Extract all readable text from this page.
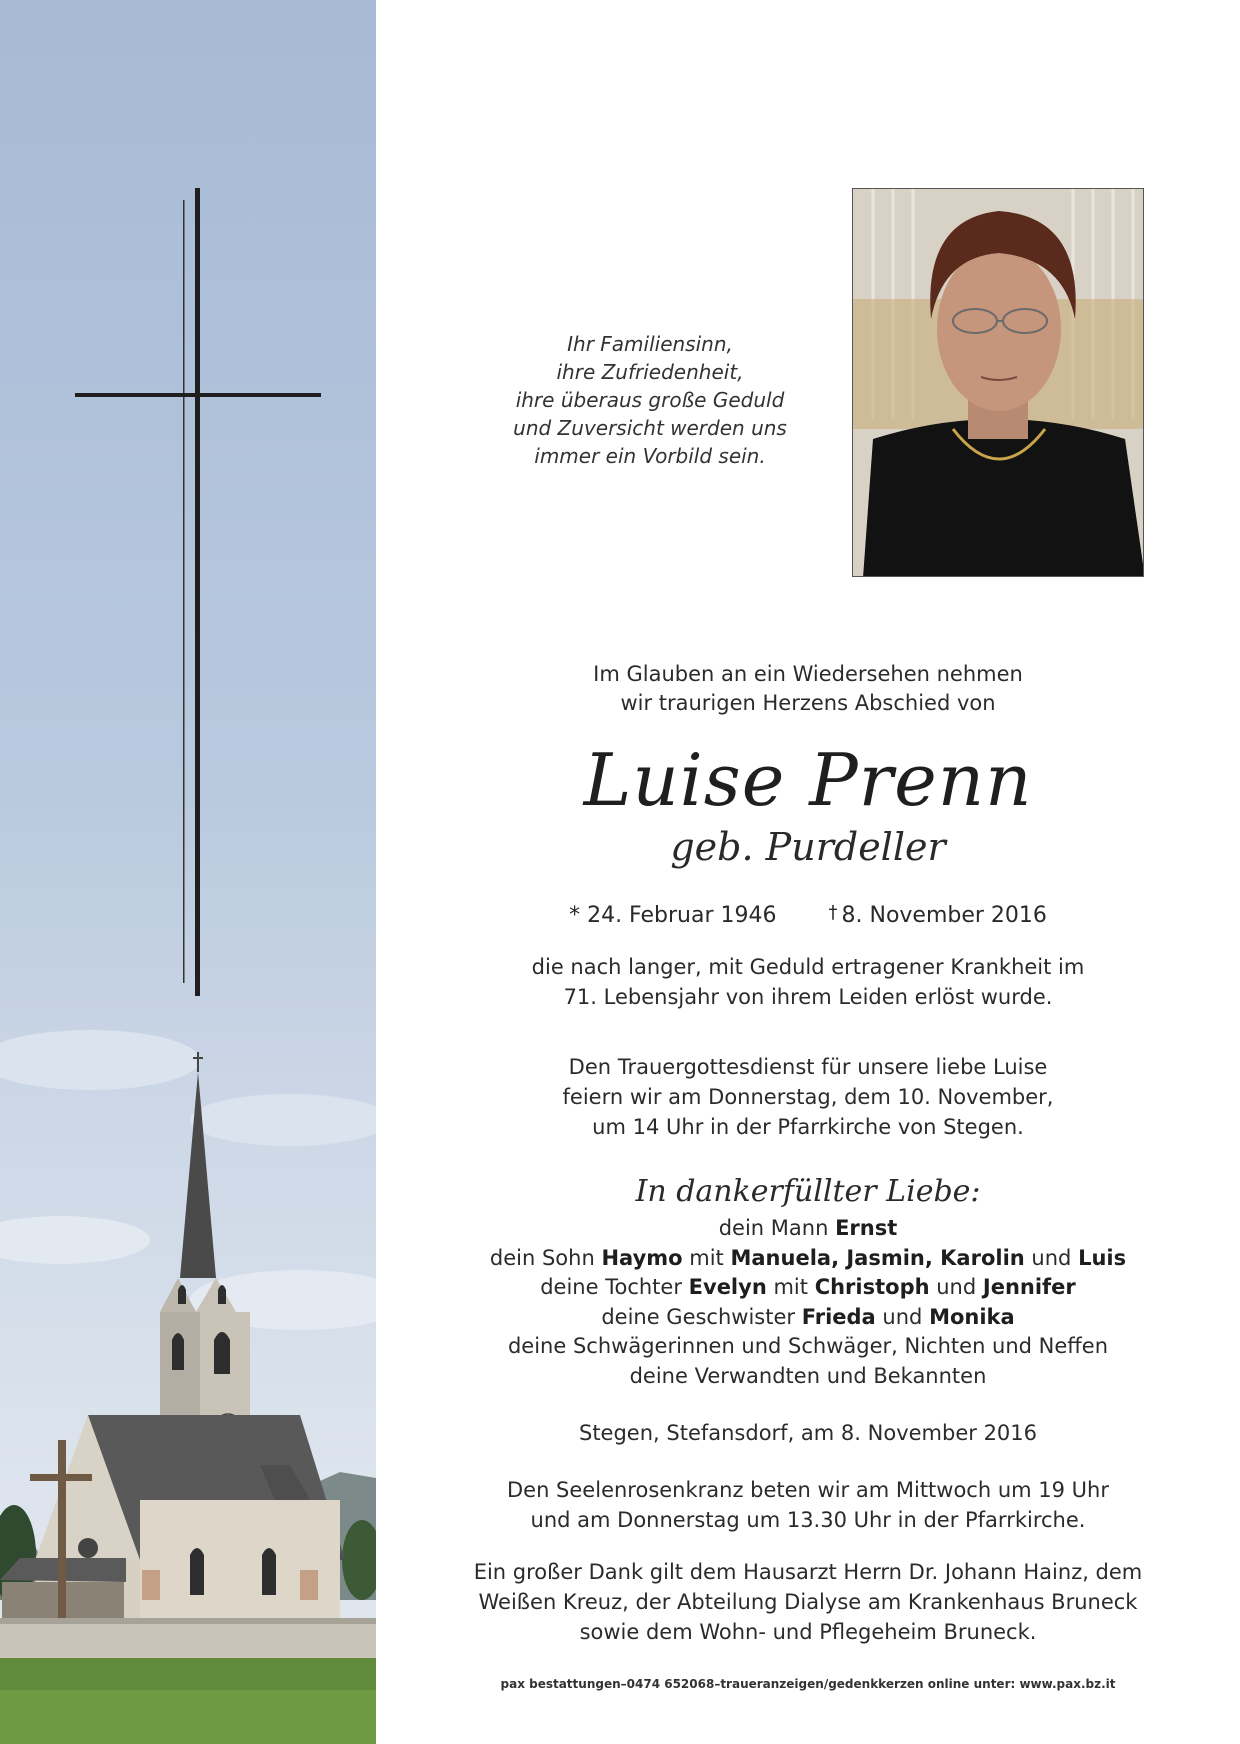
Ihr Familiensinn,
ihre Zufriedenheit,
ihre überaus große Geduld
und Zuversicht werden uns
immer ein Vorbild sein.
Im Glauben an ein Wiedersehen nehmen
wir traurigen Herzens Abschied von
Luise Prenn
geb. Purdeller
* 24. Februar 1946	† 8. November 2016
die nach langer, mit Geduld ertragener Krankheit im
71. Lebensjahr von ihrem Leiden erlöst wurde.
Den Trauergottesdienst für unsere liebe Luise
feiern wir am Donnerstag, dem 10. November,
um 14 Uhr in der Pfarrkirche von Stegen.
In dankerfüllter Liebe:
dein Mann Ernst
dein Sohn Haymo mit Manuela, Jasmin, Karolin und Luis
deine Tochter Evelyn mit Christoph und Jennifer
deine Geschwister Frieda und Monika
deine Schwägerinnen und Schwäger, Nichten und Neffen
deine Verwandten und Bekannten
Stegen, Stefansdorf, am 8. November 2016
Den Seelenrosenkranz beten wir am Mittwoch um 19 Uhr
und am Donnerstag um 13.30 Uhr in der Pfarrkirche.
Ein großer Dank gilt dem Hausarzt Herrn Dr. Johann Hainz, dem
Weißen Kreuz, der Abteilung Dialyse am Krankenhaus Bruneck
sowie dem Wohn- und Pflegeheim Bruneck.
pax bestattungen–0474 652068–traueranzeigen/gedenkkerzen online unter: www.pax.bz.it
